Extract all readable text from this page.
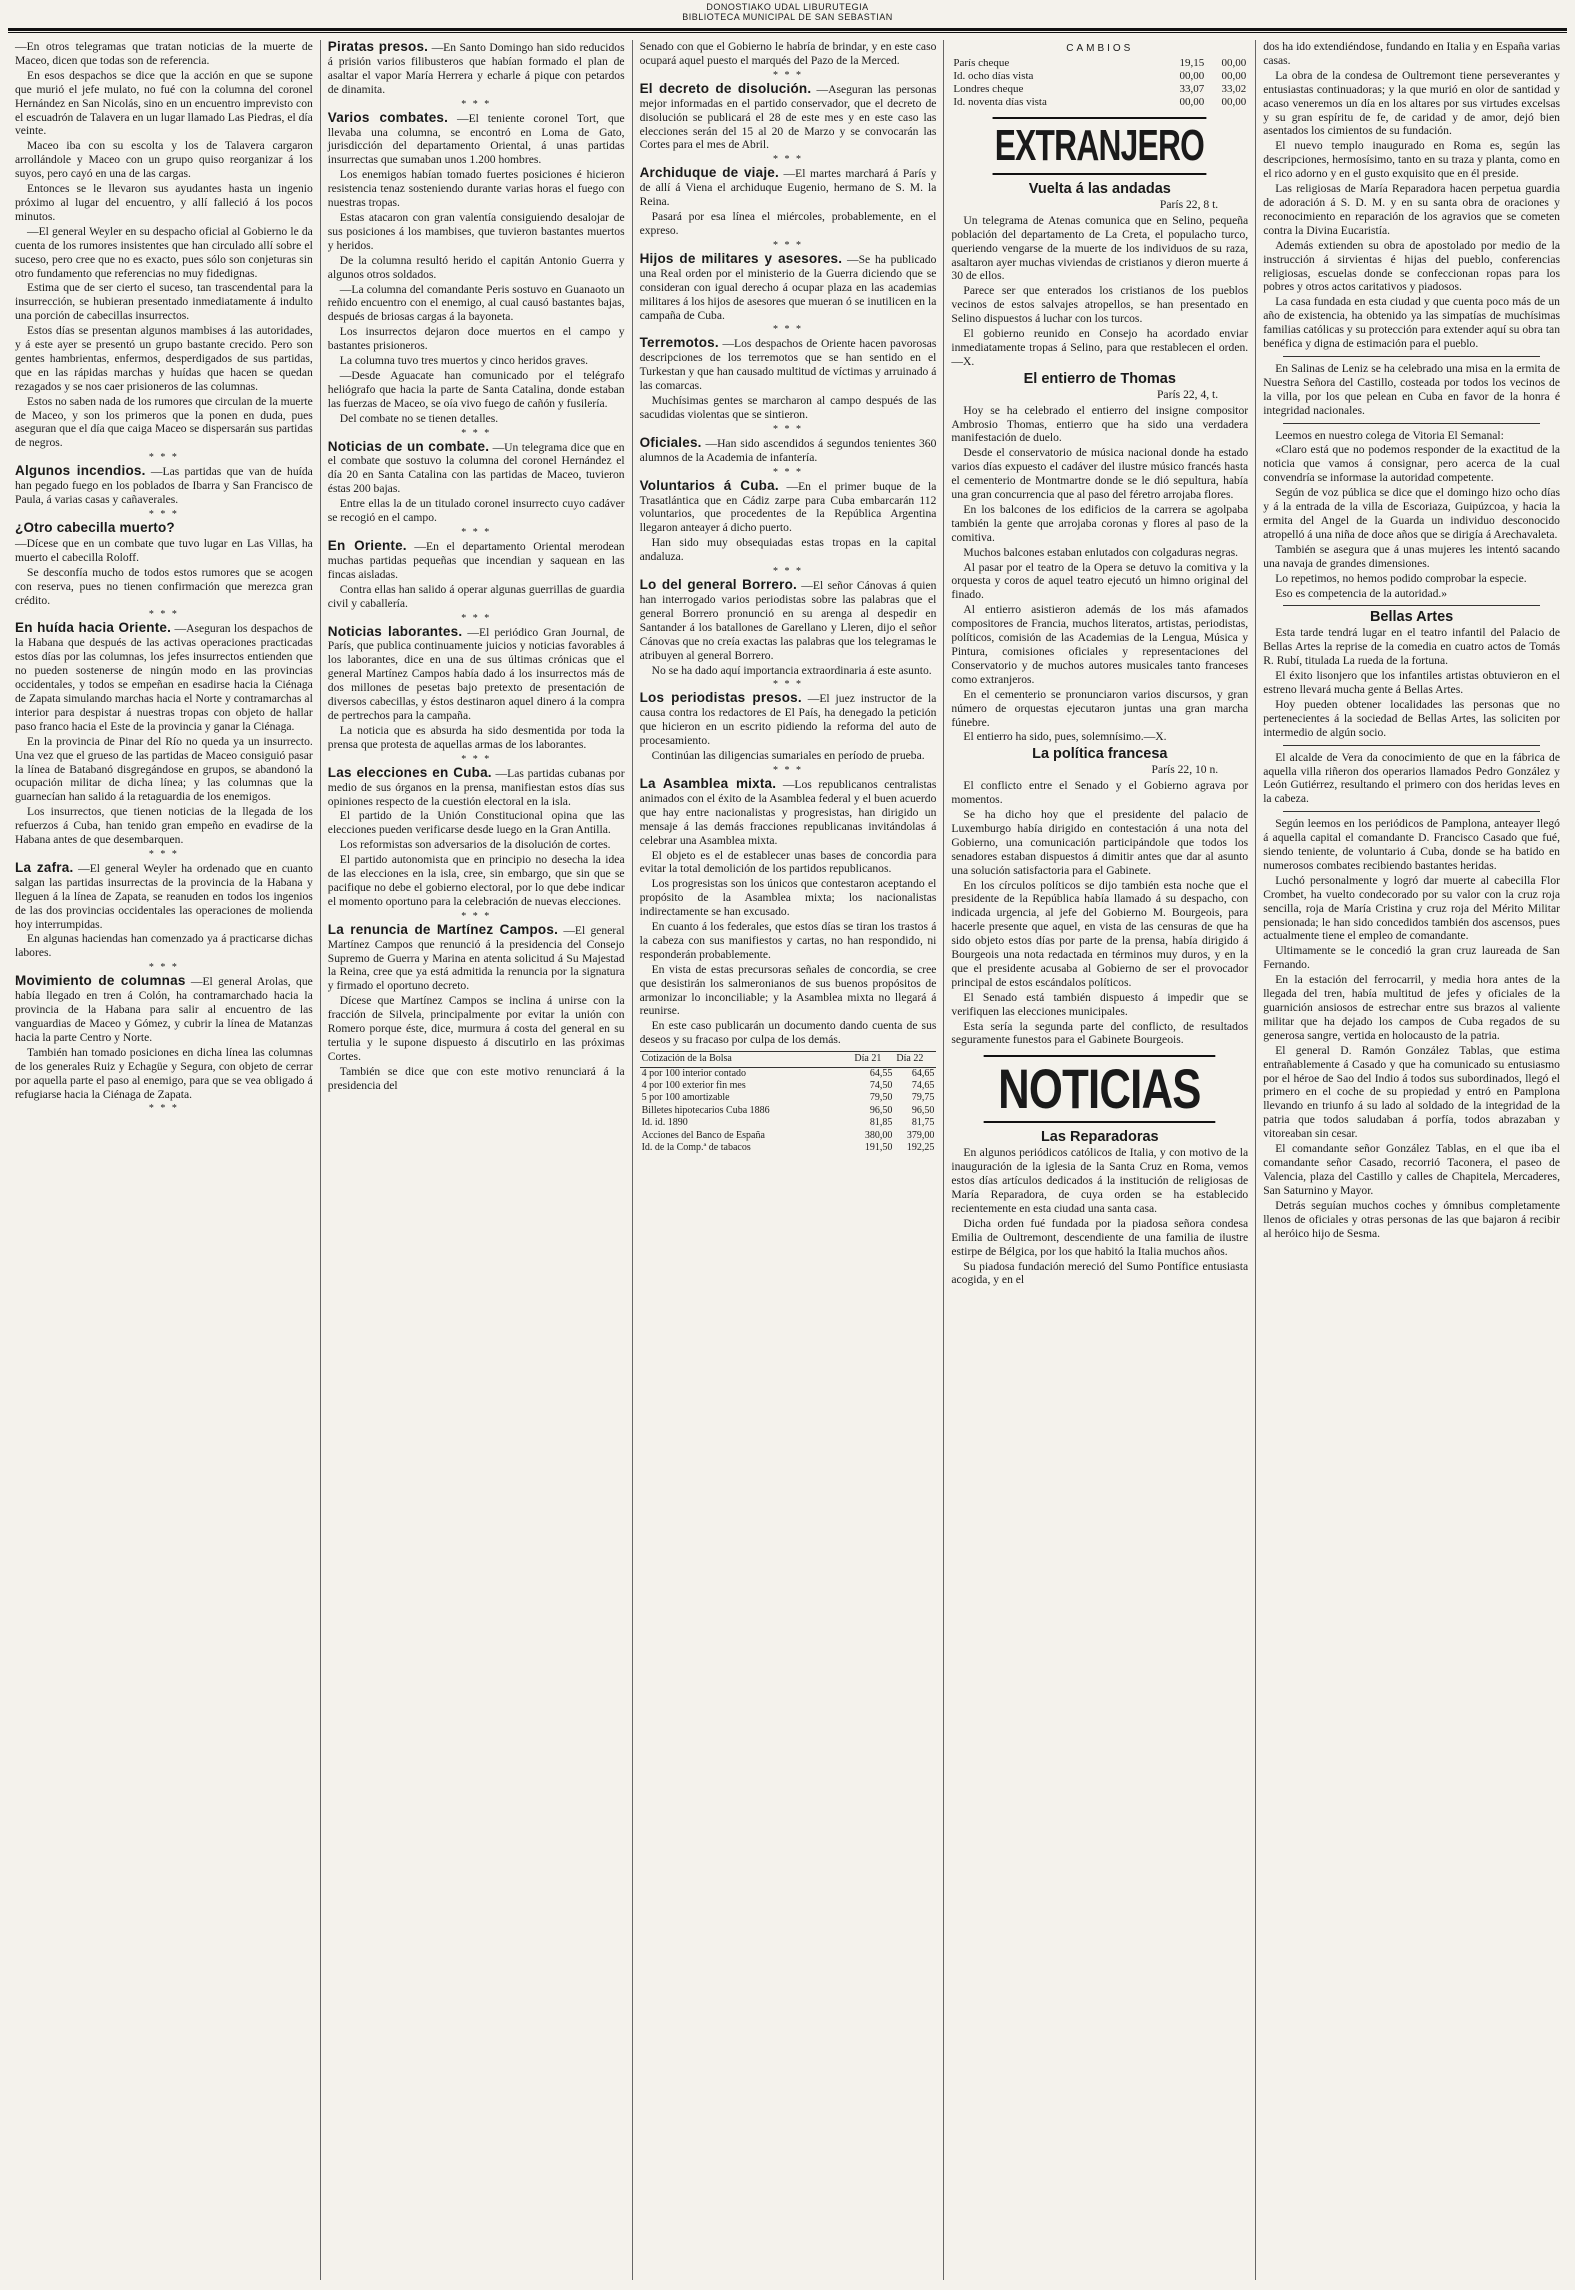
DONOSTIAKO UDAL LIBURUTEGIA
BIBLIOTECA MUNICIPAL DE SAN SEBASTIAN

—En otros telegramas que tratan noticias de la muerte de Maceo, dicen que todas son de referencia.

En esos despachos se dice que la acción en que se supone que murió el jefe mulato, no fué con la columna del coronel Hernández en San Nicolás, sino en un encuentro imprevisto con el escuadrón de Talavera en un lugar llamado Las Piedras, el día veinte.

Maceo iba con su escolta y los de Talavera cargaron arrollándole y Maceo con un grupo quiso reorganizar á los suyos, pero cayó en una de las cargas.

Entonces se le llevaron sus ayudantes hasta un ingenio próximo al lugar del encuentro, y allí falleció á los pocos minutos.

—El general Weyler en su despacho oficial al Gobierno le da cuenta de los rumores insistentes que han circulado allí sobre el suceso, pero cree que no es exacto, pues sólo son conjeturas sin otro fundamento que referencias no muy fidedignas.

Estima que de ser cierto el suceso, tan trascendental para la insurrección, se hubieran presentado inmediatamente á indulto una porción de cabecillas insurrectos.

Estos días se presentan algunos mambises á las autoridades, y á este ayer se presentó un grupo bastante crecido. Pero son gentes hambrientas, enfermos, desperdigados de sus partidas, que en las rápidas marchas y huídas que hacen se quedan rezagados y se nos caer prisioneros de las columnas.

Estos no saben nada de los rumores que circulan de la muerte de Maceo, y son los primeros que la ponen en duda, pues aseguran que el día que caiga Maceo se dispersarán sus partidas de negros.

* * *

Algunos incendios. —Las partidas que van de huída han pegado fuego en los poblados de Ibarra y San Francisco de Paula, á varias casas y cañaverales.

* * *

¿Otro cabecilla muerto?

—Dícese que en un combate que tuvo lugar en Las Villas, ha muerto el cabecilla Roloff.

Se desconfía mucho de todos estos rumores que se acogen con reserva, pues no tienen confirmación que merezca gran crédito.

* * *

En huída hacia Oriente. —Aseguran los despachos de la Habana que después de las activas operaciones practicadas estos días por las columnas, los jefes insurrectos entienden que no pueden sostenerse de ningún modo en las provincias occidentales, y todos se empeñan en esadirse hacia la Ciénaga de Zapata simulando marchas hacia el Norte y contramarchas al interior para despistar á nuestras tropas con objeto de hallar paso franco hacia el Este de la provincia y ganar la Ciénaga.

En la provincia de Pinar del Río no queda ya un insurrecto. Una vez que el grueso de las partidas de Maceo consiguió pasar la línea de Batabanó disgregándose en grupos, se abandonó la ocupación militar de dicha línea; y las columnas que la guarnecían han salido á la retaguardia de los enemigos.

Los insurrectos, que tienen noticias de la llegada de los refuerzos á Cuba, han tenido gran empeño en evadirse de la Habana antes de que desembarquen.

* * *

La zafra. —El general Weyler ha ordenado que en cuanto salgan las partidas insurrectas de la provincia de la Habana y lleguen á la línea de Zapata, se reanuden en todos los ingenios de las dos provincias occidentales las operaciones de molienda hoy interrumpidas.

En algunas haciendas han comenzado ya á practicarse dichas labores.

* * *

Movimiento de columnas —El general Arolas, que había llegado en tren á Colón, ha contramarchado hacia la provincia de la Habana para salir al encuentro de las vanguardias de Maceo y Gómez, y cubrir la línea de Matanzas hacia la parte Centro y Norte.

También han tomado posiciones en dicha línea las columnas de los generales Ruiz y Echagüe y Segura, con objeto de cerrar por aquella parte el paso al enemigo, para que se vea obligado á refugiarse hacia la Ciénaga de Zapata.

* * *

Piratas presos. —En Santo Domingo han sido reducidos á prisión varios filibusteros que habían formado el plan de asaltar el vapor María Herrera y echarle á pique con petardos de dinamita.

* * *

Varios combates. —El teniente coronel Tort, que llevaba una columna, se encontró en Loma de Gato, jurisdicción del departamento Oriental, á unas partidas insurrectas que sumaban unos 1.200 hombres.

Los enemigos habían tomado fuertes posiciones é hicieron resistencia tenaz sosteniendo durante varias horas el fuego con nuestras tropas.

Estas atacaron con gran valentía consiguiendo desalojar de sus posiciones á los mambises, que tuvieron bastantes muertos y heridos.

De la columna resultó herido el capitán Antonio Guerra y algunos otros soldados.

—La columna del comandante Peris sostuvo en Guanaoto un reñido encuentro con el enemigo, al cual causó bastantes bajas, después de briosas cargas á la bayoneta.

Los insurrectos dejaron doce muertos en el campo y bastantes prisioneros.

La columna tuvo tres muertos y cinco heridos graves.

—Desde Aguacate han comunicado por el telégrafo heliógrafo que hacia la parte de Santa Catalina, donde estaban las fuerzas de Maceo, se oía vivo fuego de cañón y fusilería.

Del combate no se tienen detalles.

* * *

Noticias de un combate. —Un telegrama dice que en el combate que sostuvo la columna del coronel Hernández el día 20 en Santa Catalina con las partidas de Maceo, tuvieron éstas 200 bajas.

Entre ellas la de un titulado coronel insurrecto cuyo cadáver se recogió en el campo.

* * *

En Oriente. —En el departamento Oriental merodean muchas partidas pequeñas que incendian y saquean en las fincas aisladas.

Contra ellas han salido á operar algunas guerrillas de guardia civil y caballería.

* * *

Noticias laborantes. —El periódico Gran Journal, de París, que publica continuamente juicios y noticias favorables á los laborantes, dice en una de sus últimas crónicas que el general Martínez Campos había dado á los insurrectos más de dos millones de pesetas bajo pretexto de presentación de diversos cabecillas, y éstos destinaron aquel dinero á la compra de pertrechos para la campaña.

La noticia que es absurda ha sido desmentida por toda la prensa que protesta de aquellas armas de los laborantes.

* * *

Las elecciones en Cuba. —Las partidas cubanas por medio de sus órganos en la prensa, manifiestan estos días sus opiniones respecto de la cuestión electoral en la isla.

El partido de la Unión Constitucional opina que las elecciones pueden verificarse desde luego en la Gran Antilla.

Los reformistas son adversarios de la disolución de cortes.

El partido autonomista que en principio no desecha la idea de las elecciones en la isla, cree, sin embargo, que sin que se pacifique no debe el gobierno electoral, por lo que debe indicar el momento oportuno para la celebración de nuevas elecciones.

* * *

La renuncia de Martínez Campos. —El general Martínez Campos que renunció á la presidencia del Consejo Supremo de Guerra y Marina en atenta solicitud á Su Majestad la Reina, cree que ya está admitida la renuncia por la signatura y firmado el oportuno decreto.

Dícese que Martínez Campos se inclina á unirse con la fracción de Silvela, principalmente por evitar la unión con Romero porque éste, dice, murmura á costa del general en su tertulia y le supone dispuesto á discutirlo en las próximas Cortes.

También se dice que con este motivo renunciará á la presidencia del

Senado con que el Gobierno le habría de brindar, y en este caso ocupará aquel puesto el marqués del Pazo de la Merced.

* * *

El decreto de disolución. —Aseguran las personas mejor informadas en el partido conservador, que el decreto de disolución se publicará el 28 de este mes y en este caso las elecciones serán del 15 al 20 de Marzo y se convocarán las Cortes para el mes de Abril.

* * *

Archiduque de viaje. —El martes marchará á París y de allí á Viena el archiduque Eugenio, hermano de S. M. la Reina.

Pasará por esa línea el miércoles, probablemente, en el expreso.

* * *

Hijos de militares y asesores. —Se ha publicado una Real orden por el ministerio de la Guerra diciendo que se consideran con igual derecho á ocupar plaza en las academias militares á los hijos de asesores que mueran ó se inutilicen en la campaña de Cuba.

* * *

Terremotos. —Los despachos de Oriente hacen pavorosas descripciones de los terremotos que se han sentido en el Turkestan y que han causado multitud de víctimas y arruinado á las comarcas.

Muchísimas gentes se marcharon al campo después de las sacudidas violentas que se sintieron.

* * *

Oficiales. —Han sido ascendidos á segundos tenientes 360 alumnos de la Academia de infantería.

* * *

Voluntarios á Cuba. —En el primer buque de la Trasatlántica que en Cádiz zarpe para Cuba embarcarán 112 voluntarios, que procedentes de la República Argentina llegaron anteayer á dicho puerto.

Han sido muy obsequiadas estas tropas en la capital andaluza.

* * *

Lo del general Borrero. —El señor Cánovas á quien han interrogado varios periodistas sobre las palabras que el general Borrero pronunció en su arenga al despedir en Santander á los batallones de Garellano y Lleren, dijo el señor Cánovas que no creía exactas las palabras que los telegramas le atribuyen al general Borrero.

No se ha dado aquí importancia extraordinaria á este asunto.

* * *

Los periodistas presos. —El juez instructor de la causa contra los redactores de El País, ha denegado la petición que hicieron en un escrito pidiendo la reforma del auto de procesamiento.

Continúan las diligencias sumariales en período de prueba.

* * *

La Asamblea mixta. —Los republicanos centralistas animados con el éxito de la Asamblea federal y el buen acuerdo que hay entre nacionalistas y progresistas, han dirigido un mensaje á las demás fracciones republicanas invitándolas á celebrar una Asamblea mixta.

El objeto es el de establecer unas bases de concordia para evitar la total demolición de los partidos republicanos.

Los progresistas son los únicos que contestaron aceptando el propósito de la Asamblea mixta; los nacionalistas indirectamente se han excusado.

En cuanto á los federales, que estos días se tiran los trastos á la cabeza con sus manifiestos y cartas, no han respondido, ni responderán probablemente.

En vista de estas precursoras señales de concordia, se cree que desistirán los salmeronianos de sus buenos propósitos de armonizar lo inconciliable; y la Asamblea mixta no llegará á reunirse.

En este caso publicarán un documento dando cuenta de sus deseos y su fracaso por culpa de los demás.

Cotización de la Bolsa	Día 21	Día 22
4 por 100 interior contado	64,55	64,65
4 por 100 exterior fin mes	74,50	74,65
5 por 100 amortizable	79,50	79,75
Billetes hipotecarios Cuba 1886	96,50	96,50
Id. id. 1890	81,85	81,75
Acciones del Banco de España	380,00	379,00
Id. de la Comp.ª de tabacos	191,50	192,25
CAMBIOS
París cheque	19,15	00,00
Id. ocho días vista	00,00	00,00
Londres cheque	33,07	33,02
Id. noventa días vista	00,00	00,00
EXTRANJERO
Vuelta á las andadas
París 22, 8 t.

Un telegrama de Atenas comunica que en Selino, pequeña población del departamento de La Creta, el populacho turco, queriendo vengarse de la muerte de los individuos de su raza, asaltaron ayer muchas viviendas de cristianos y dieron muerte á 30 de ellos.

Parece ser que enterados los cristianos de los pueblos vecinos de estos salvajes atropellos, se han presentado en Selino dispuestos á luchar con los turcos.

El gobierno reunido en Consejo ha acordado enviar inmediatamente tropas á Selino, para que restablecen el orden.—X.

El entierro de Thomas
París 22, 4, t.

Hoy se ha celebrado el entierro del insigne compositor Ambrosio Thomas, entierro que ha sido una verdadera manifestación de duelo.

Desde el conservatorio de música nacional donde ha estado varios días expuesto el cadáver del ilustre músico francés hasta el cementerio de Montmartre donde se le dió sepultura, había una gran concurrencia que al paso del féretro arrojaba flores.

En los balcones de los edificios de la carrera se agolpaba también la gente que arrojaba coronas y flores al paso de la comitiva.

Muchos balcones estaban enlutados con colgaduras negras.

Al pasar por el teatro de la Opera se detuvo la comitiva y la orquesta y coros de aquel teatro ejecutó un himno original del finado.

Al entierro asistieron además de los más afamados compositores de Francia, muchos literatos, artistas, periodistas, políticos, comisión de las Academias de la Lengua, Música y Pintura, comisiones oficiales y representaciones del Conservatorio y de muchos autores musicales tanto franceses como extranjeros.

En el cementerio se pronunciaron varios discursos, y gran número de orquestas ejecutaron juntas una gran marcha fúnebre.

El entierro ha sido, pues, solemnísimo.—X.

La política francesa
París 22, 10 n.

El conflicto entre el Senado y el Gobierno agrava por momentos.

Se ha dicho hoy que el presidente del palacio de Luxemburgo había dirigido en contestación á una nota del Gobierno, una comunicación participándole que todos los senadores estaban dispuestos á dimitir antes que dar al asunto una solución satisfactoria para el Gabinete.

En los círculos políticos se dijo también esta noche que el presidente de la República había llamado á su despacho, con indicada urgencia, al jefe del Gobierno M. Bourgeois, para hacerle presente que aquel, en vista de las censuras de que ha sido objeto estos días por parte de la prensa, había dirigido á Bourgeois una nota redactada en términos muy duros, y en la que el presidente acusaba al Gobierno de ser el provocador principal de estos escándalos políticos.

El Senado está también dispuesto á impedir que se verifiquen las elecciones municipales.

Esta sería la segunda parte del conflicto, de resultados seguramente funestos para el Gabinete Bourgeois.

NOTICIAS
Las Reparadoras

En algunos periódicos católicos de Italia, y con motivo de la inauguración de la iglesia de la Santa Cruz en Roma, vemos estos días artículos dedicados á la institución de religiosas de María Reparadora, de cuya orden se ha establecido recientemente en esta ciudad una santa casa.

Dicha orden fué fundada por la piadosa señora condesa Emilia de Oultremont, descendiente de una familia de ilustre estirpe de Bélgica, por los que habitó la Italia muchos años.

Su piadosa fundación mereció del Sumo Pontífice entusiasta acogida, y en el

dos ha ido extendiéndose, fundando en Italia y en España varias casas.

La obra de la condesa de Oultremont tiene perseverantes y entusiastas continuadoras; y la que murió en olor de santidad y acaso veneremos un día en los altares por sus virtudes excelsas y su gran espíritu de fe, de caridad y de amor, dejó bien asentados los cimientos de su fundación.

El nuevo templo inaugurado en Roma es, según las descripciones, hermosísimo, tanto en su traza y planta, como en el rico adorno y en el gusto exquisito que en él preside.

Las religiosas de María Reparadora hacen perpetua guardia de adoración á S. D. M. y en su santa obra de oraciones y reconocimiento en reparación de los agravios que se cometen contra la Divina Eucaristía.

Además extienden su obra de apostolado por medio de la instrucción á sirvientas é hijas del pueblo, conferencias religiosas, escuelas donde se confeccionan ropas para los pobres y otros actos caritativos y piadosos.

La casa fundada en esta ciudad y que cuenta poco más de un año de existencia, ha obtenido ya las simpatías de muchísimas familias católicas y su protección para extender aquí su obra tan benéfica y digna de estimación para el pueblo.

En Salinas de Leniz se ha celebrado una misa en la ermita de Nuestra Señora del Castillo, costeada por todos los vecinos de la villa, por los que pelean en Cuba en favor de la honra é integridad nacionales.

Leemos en nuestro colega de Vitoria El Semanal:

«Claro está que no podemos responder de la exactitud de la noticia que vamos á consignar, pero acerca de la cual convendría se informase la autoridad competente.

Según de voz pública se dice que el domingo hizo ocho días y á la entrada de la villa de Escoriaza, Guipúzcoa, y hacia la ermita del Angel de la Guarda un individuo desconocido atropelló á una niña de doce años que se dirigía á Arechavaleta.

También se asegura que á unas mujeres les intentó sacando una navaja de grandes dimensiones.

Lo repetimos, no hemos podido comprobar la especie.

Eso es competencia de la autoridad.»

Bellas Artes

Esta tarde tendrá lugar en el teatro infantil del Palacio de Bellas Artes la reprise de la comedia en cuatro actos de Tomás R. Rubí, titulada La rueda de la fortuna.

El éxito lisonjero que los infantiles artistas obtuvieron en el estreno llevará mucha gente á Bellas Artes.

Hoy pueden obtener localidades las personas que no pertenecientes á la sociedad de Bellas Artes, las soliciten por intermedio de algún socio.

El alcalde de Vera da conocimiento de que en la fábrica de aquella villa riñeron dos operarios llamados Pedro González y León Gutiérrez, resultando el primero con dos heridas leves en la cabeza.

Según leemos en los periódicos de Pamplona, anteayer llegó á aquella capital el comandante D. Francisco Casado que fué, siendo teniente, de voluntario á Cuba, donde se ha batido en numerosos combates recibiendo bastantes heridas.

Luchó personalmente y logró dar muerte al cabecilla Flor Crombet, ha vuelto condecorado por su valor con la cruz roja sencilla, roja de María Cristina y cruz roja del Mérito Militar pensionada; le han sido concedidos también dos ascensos, pues actualmente tiene el empleo de comandante.

Ultimamente se le concedió la gran cruz laureada de San Fernando.

En la estación del ferrocarril, y media hora antes de la llegada del tren, había multitud de jefes y oficiales de la guarnición ansiosos de estrechar entre sus brazos al valiente militar que ha dejado los campos de Cuba regados de su generosa sangre, vertida en holocausto de la patria.

El general D. Ramón González Tablas, que estima entrañablemente á Casado y que ha comunicado su entusiasmo por el héroe de Sao del Indio á todos sus subordinados, llegó el primero en el coche de su propiedad y entró en Pamplona llevando en triunfo á su lado al soldado de la integridad de la patria que todos saludaban á porfía, todos abrazaban y vitoreaban sin cesar.

El comandante señor González Tablas, en el que iba el comandante señor Casado, recorrió Taconera, el paseo de Valencia, plaza del Castillo y calles de Chapitela, Mercaderes, San Saturnino y Mayor.

Detrás seguían muchos coches y ómnibus completamente llenos de oficiales y otras personas de las que bajaron á recibir al heróico hijo de Sesma.
